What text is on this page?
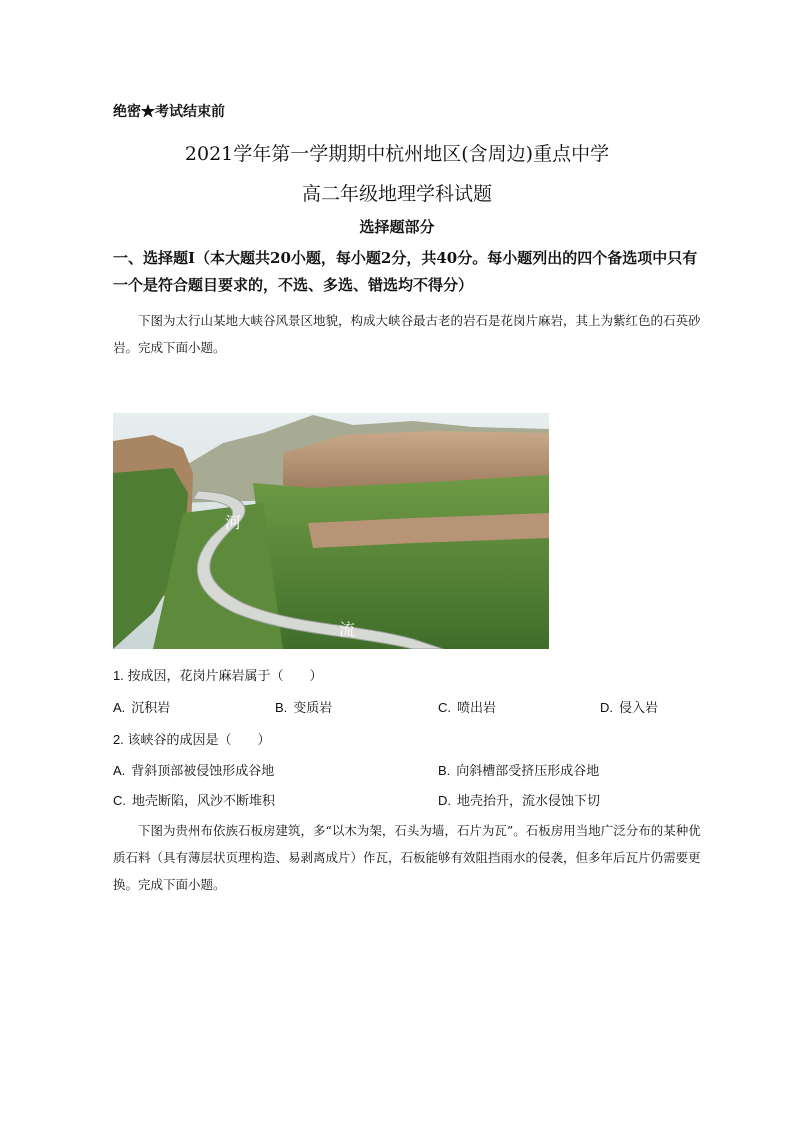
绝密★考试结束前
2021学年第一学期期中杭州地区(含周边)重点中学
高二年级地理学科试题
选择题部分
一、选择题Ⅰ（本大题共20小题，每小题2分，共40分。每小题列出的四个备选项中只有一个是符合题目要求的，不选、多选、错选均不得分）
下图为太行山某地大峡谷风景区地貌，构成大峡谷最古老的岩石是花岗片麻岩，其上为紫红色的石英砂岩。完成下面小题。
河
流
1. 按成因，花岗片麻岩属于（　　）
A. 沉积岩	B. 变质岩	C. 喷出岩	D. 侵入岩
2. 该峡谷的成因是（　　）
A. 背斜顶部被侵蚀形成谷地	B. 向斜槽部受挤压形成谷地
C. 地壳断陷，风沙不断堆积	D. 地壳抬升，流水侵蚀下切
下图为贵州布依族石板房建筑，多“以木为架，石头为墙，石片为瓦”。石板房用当地广泛分布的某种优质石料（具有薄层状页理构造、易剥离成片）作瓦，石板能够有效阻挡雨水的侵袭，但多年后瓦片仍需要更换。完成下面小题。
